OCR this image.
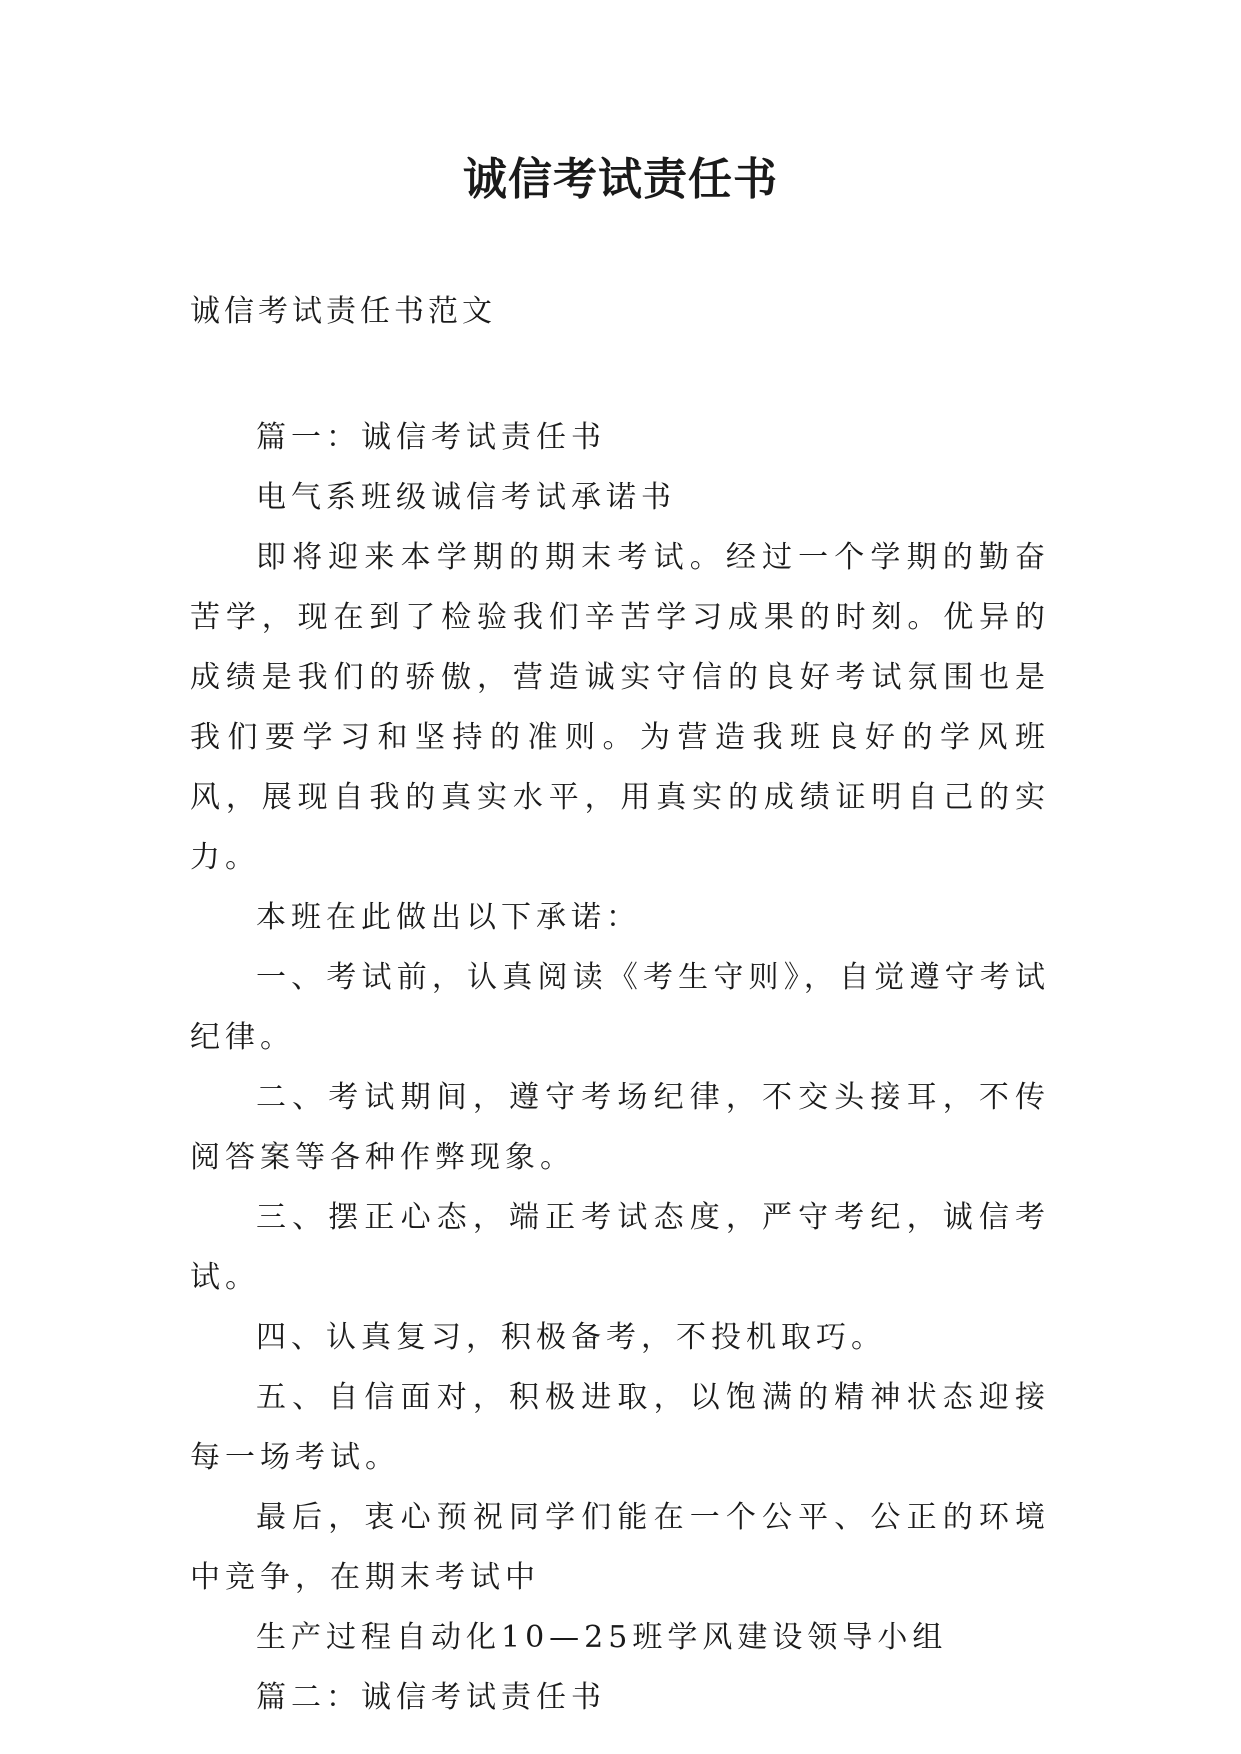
诚信考试责任书
诚信考试责任书范文

篇一：诚信考试责任书

电气系班级诚信考试承诺书

即将迎来本学期的期末考试。经过一个学期的勤奋苦学，现在到了检验我们辛苦学习成果的时刻。优异的成绩是我们的骄傲，营造诚实守信的良好考试氛围也是我们要学习和坚持的准则。为营造我班良好的学风班风，展现自我的真实水平，用真实的成绩证明自己的实力。

本班在此做出以下承诺：

一、考试前，认真阅读《考生守则》，自觉遵守考试纪律。

二、考试期间，遵守考场纪律，不交头接耳，不传阅答案等各种作弊现象。

三、摆正心态，端正考试态度，严守考纪，诚信考试。

四、认真复习，积极备考，不投机取巧。

五、自信面对，积极进取，以饱满的精神状态迎接每一场考试。

最后，衷心预祝同学们能在一个公平、公正的环境中竞争，在期末考试中

生产过程自动化10—25班学风建设领导小组

篇二：诚信考试责任书
